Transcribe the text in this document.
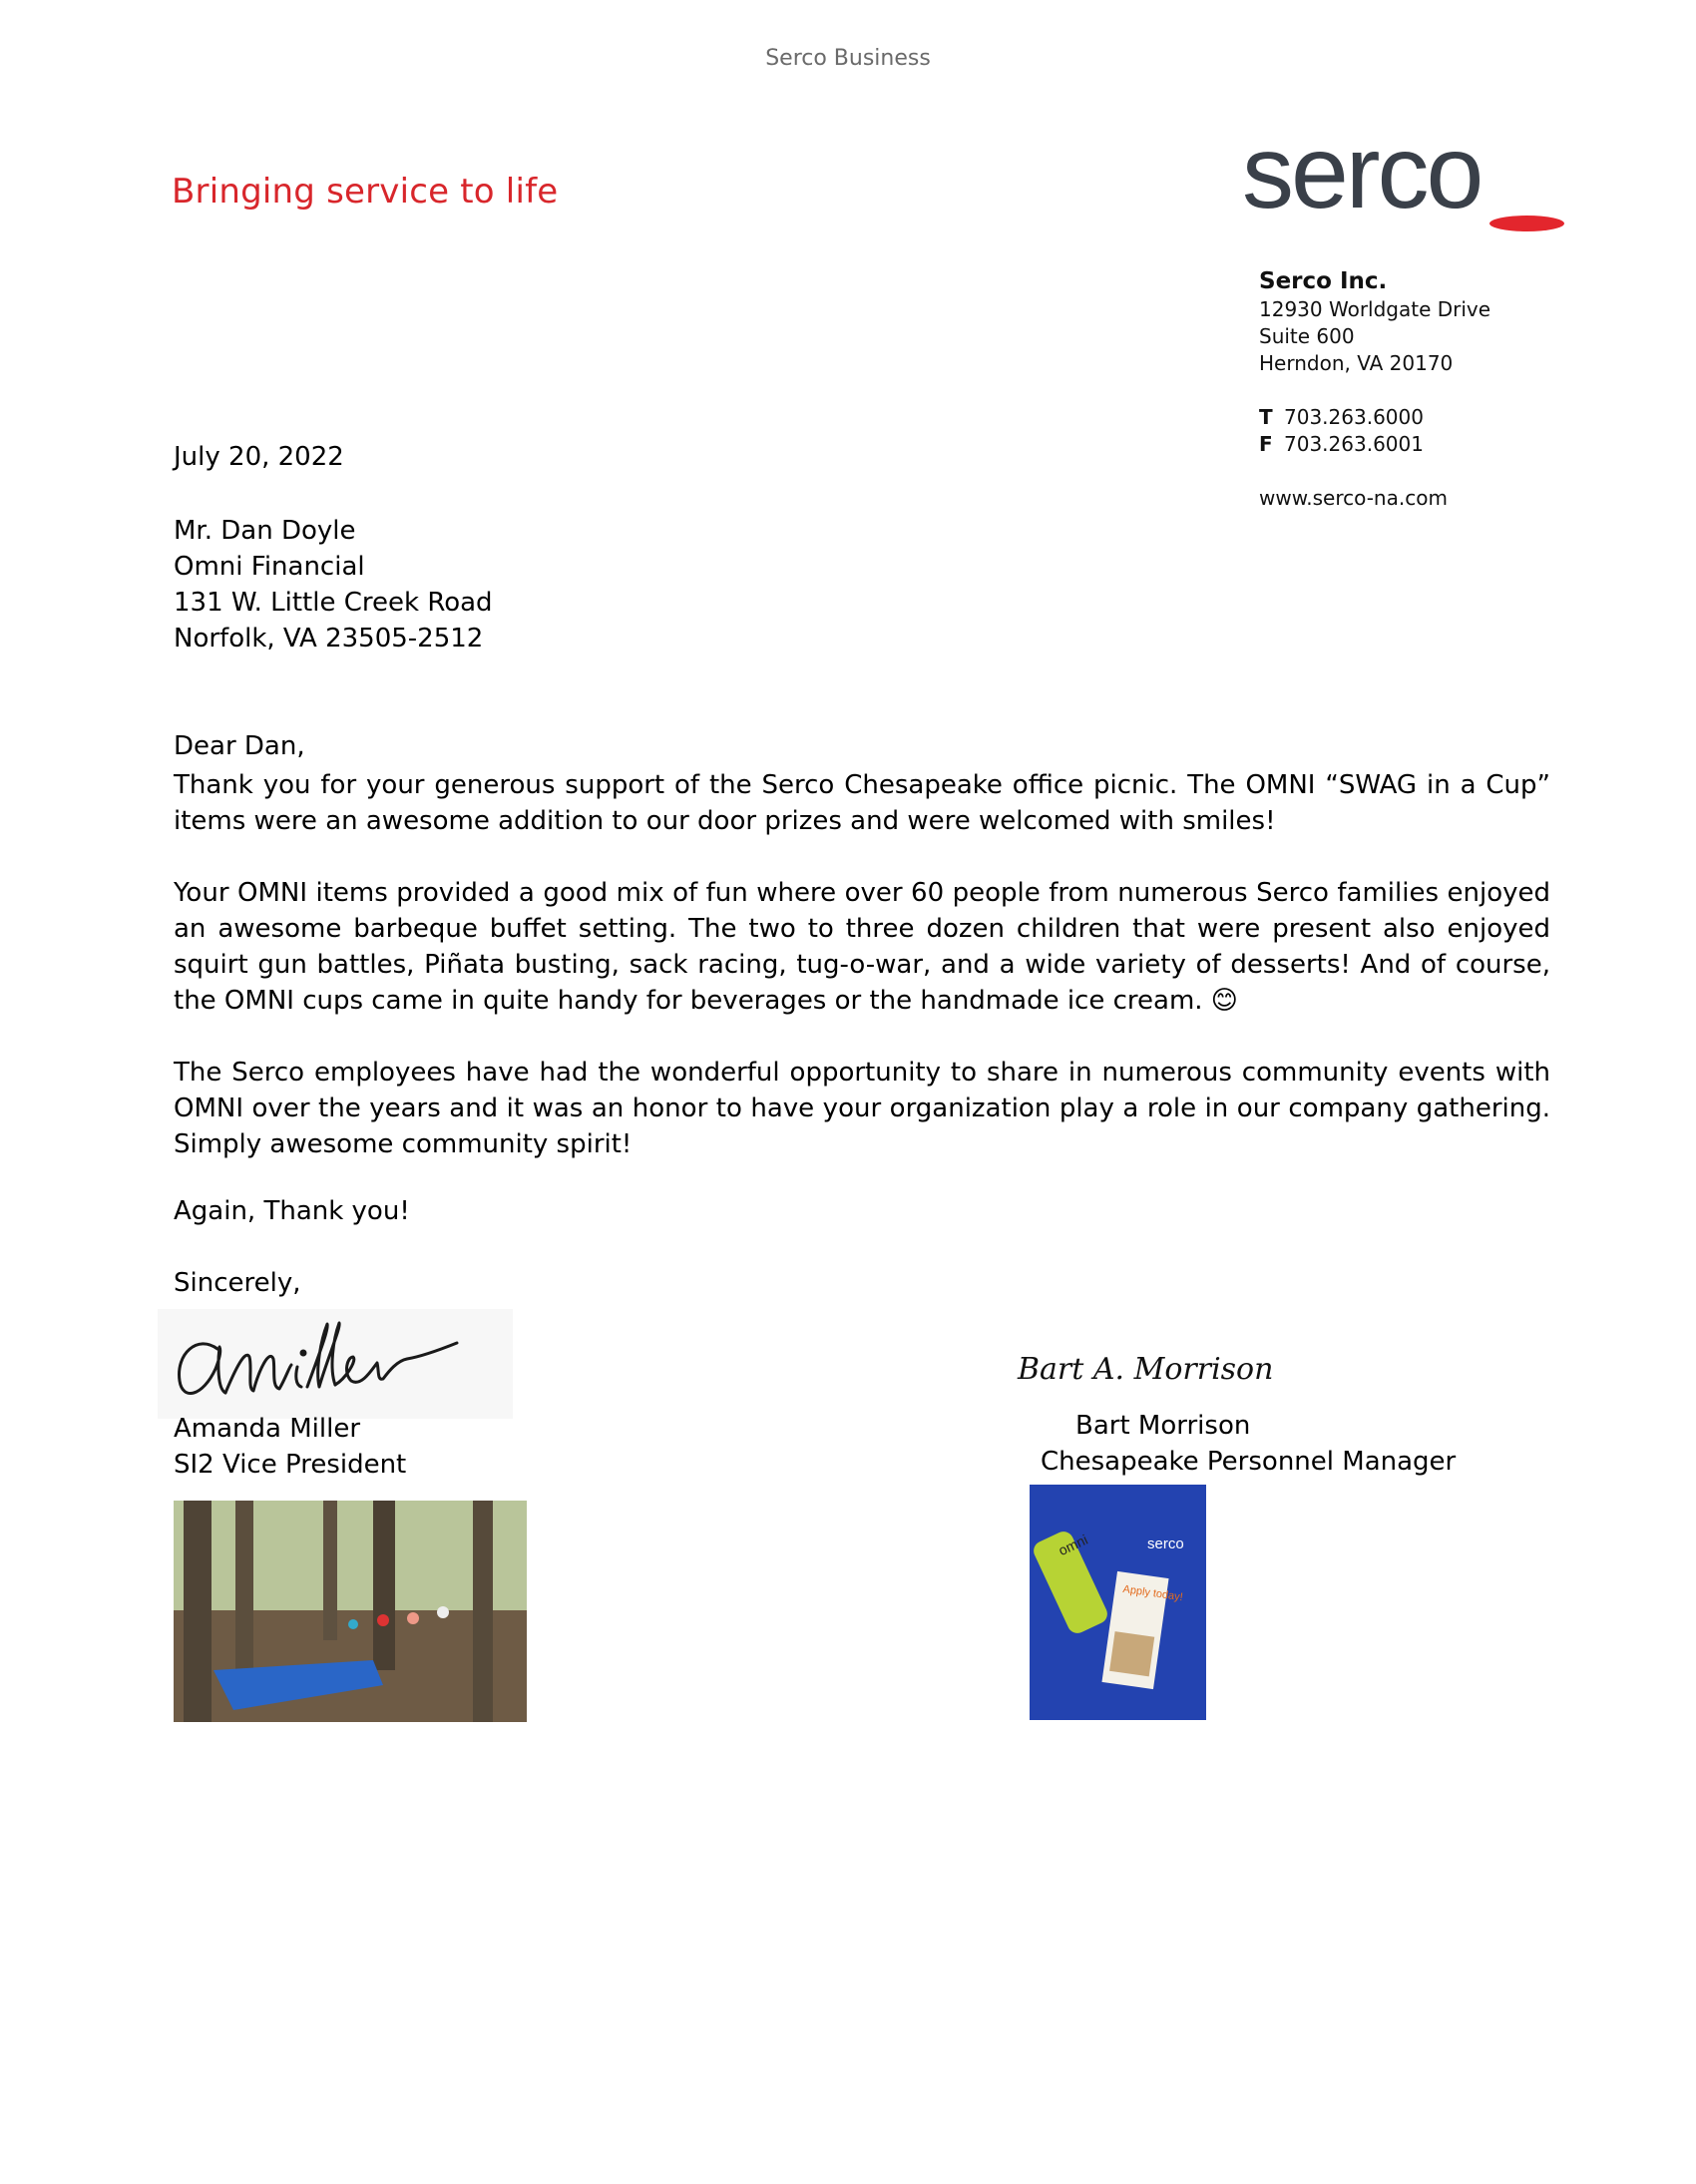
Serco Business
Bringing service to life	serco
Serco Inc.
12930 Worldgate Drive
Suite 600
Herndon, VA 20170
T 703.263.6000
F 703.263.6001
www.serco-na.com
July 20, 2022
Mr. Dan Doyle
Omni Financial
131 W. Little Creek Road
Norfolk, VA 23505-2512
Dear Dan,

Thank you for your generous support of the Serco Chesapeake office picnic. The OMNI “SWAG in a Cup” items were an awesome addition to our door prizes and were welcomed with smiles!

Your OMNI items provided a good mix of fun where over 60 people from numerous Serco families enjoyed an awesome barbeque buffet setting. The two to three dozen children that were present also enjoyed squirt gun battles, Piñata busting, sack racing, tug-o-war, and a wide variety of desserts! And of course, the OMNI cups came in quite handy for beverages or the handmade ice cream. 😊

The Serco employees have had the wonderful opportunity to share in numerous community events with OMNI over the years and it was an honor to have your organization play a role in our company gathering. Simply awesome community spirit!

Again, Thank you!
Sincerely,
Bart A. Morrison
Amanda Miller
SI2 Vice President
Bart Morrison
Chesapeake Personnel Manager
serco
omni
Apply today!
